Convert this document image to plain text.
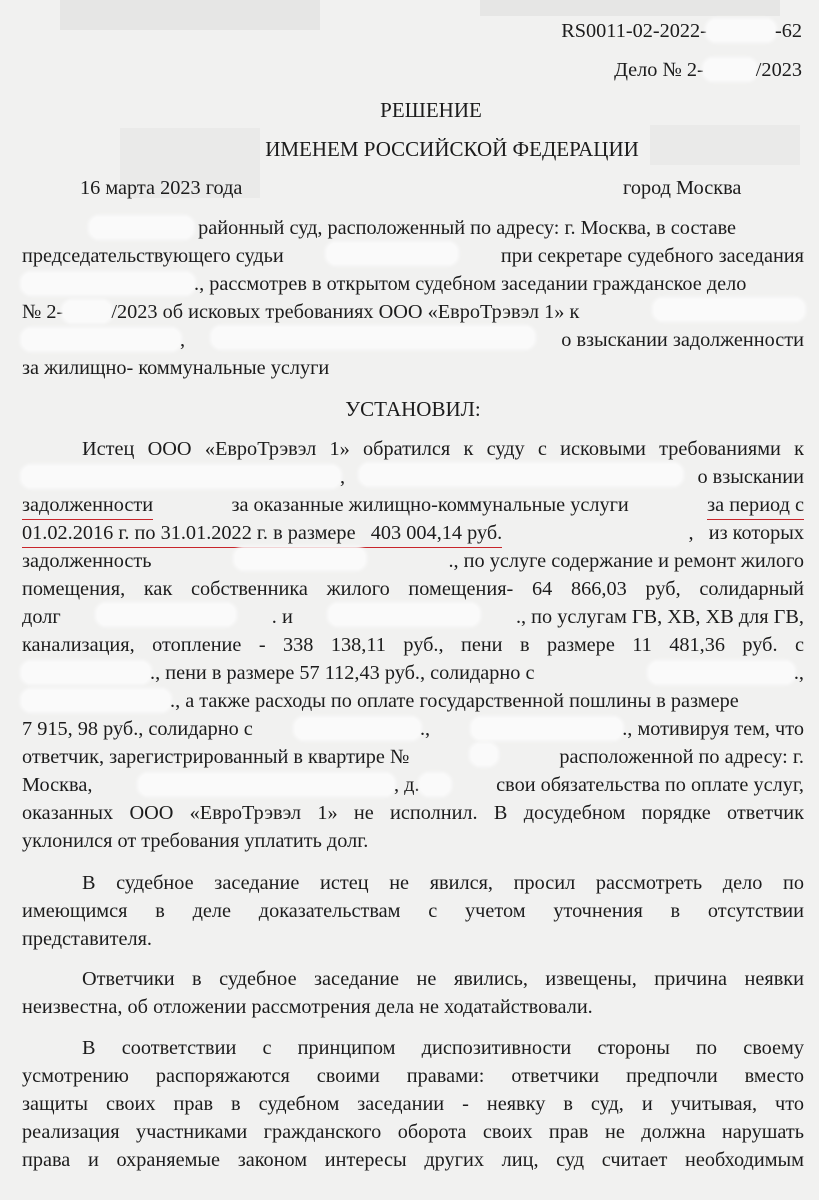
RS0011-02-2022-	-62
Дело № 2-	/2023
РЕШЕНИЕ
ИМЕНЕМ РОССИЙСКОЙ ФЕДЕРАЦИИ
16 марта 2023 года	город Москва
районный суд, расположенный по адресу: г. Москва, в составе
председательствующего судьи	при секретаре судебного заседания
., рассмотрев в открытом судебном заседании гражданское дело
№ 2- /2023 об исковых требованиях ООО «ЕвроТрэвэл 1» к
,	о взыскании задолженности
за жилищно- коммунальные услуги
УСТАНОВИЛ:
Истец ООО «ЕвроТрэвэл 1» обратился к суду с исковыми требованиями к
,	о взыскании
задолженности	за оказанные жилищно-коммунальные услуги	за период с
01.02.2016 г. по 31.01.2022 г. в размере   403 004,14 руб.	,   из которых
задолженность	., по услуге содержание и ремонт жилого
помещения, как собственника жилого помещения- 64 866,03 руб, солидарный
долг	. и	., по услугам ГВ, ХВ, ХВ для ГВ,
канализация, отопление - 338 138,11 руб., пени в размере 11 481,36 руб. с
., пени в размере 57 112,43 руб., солидарно с	.,
., а также расходы по оплате государственной пошлины в размере
7 915, 98 руб., солидарно с	.,	., мотивируя тем, что
ответчик, зарегистрированный в квартире №	расположенной по адресу: г.
Москва,	, д.	свои обязательства по оплате услуг,
оказанных ООО «ЕвроТрэвэл 1» не исполнил. В досудебном порядке ответчик
уклонился от требования уплатить долг.
В судебное заседание истец не явился, просил рассмотреть дело по
имеющимся в деле доказательствам с учетом уточнения в отсутствии
представителя.
Ответчики в судебное заседание не явились, извещены, причина неявки
неизвестна, об отложении рассмотрения дела не ходатайствовали.
В соответствии с принципом диспозитивности стороны по своему
усмотрению распоряжаются своими правами: ответчики предпочли вместо
защиты своих прав в судебном заседании - неявку в суд, и учитывая, что
реализация участниками гражданского оборота своих прав не должна нарушать
права и охраняемые законом интересы других лиц, суд считает необходимым
